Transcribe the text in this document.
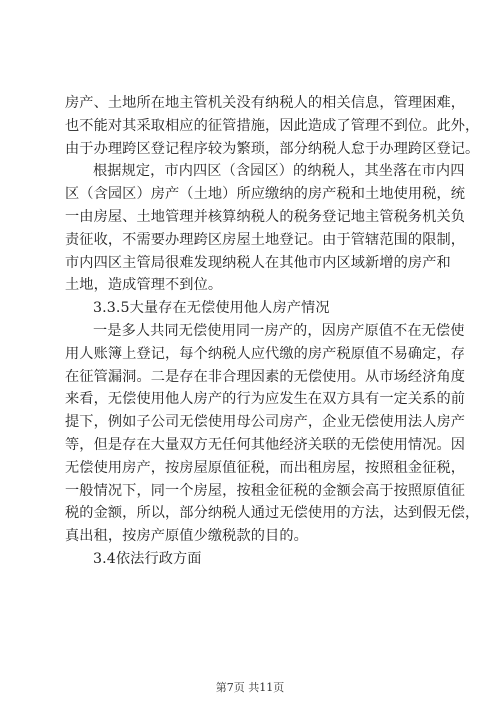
房产、土地所在地主管机关没有纳税人的相关信息，管理困难，
也不能对其采取相应的征管措施，因此造成了管理不到位。此外，
由于办理跨区登记程序较为繁琐，部分纳税人怠于办理跨区登记。
根据规定，市内四区（含园区）的纳税人，其坐落在市内四
区（含园区）房产（土地）所应缴纳的房产税和土地使用税，统
一由房屋、土地管理并核算纳税人的税务登记地主管税务机关负
责征收，不需要办理跨区房屋土地登记。由于管辖范围的限制，
市内四区主管局很难发现纳税人在其他市内区域新增的房产和
土地，造成管理不到位。
3.3.5大量存在无偿使用他人房产情况
一是多人共同无偿使用同一房产的，因房产原值不在无偿使
用人账簿上登记，每个纳税人应代缴的房产税原值不易确定，存
在征管漏洞。二是存在非合理因素的无偿使用。从市场经济角度
来看，无偿使用他人房产的行为应发生在双方具有一定关系的前
提下，例如子公司无偿使用母公司房产，企业无偿使用法人房产
等，但是存在大量双方无任何其他经济关联的无偿使用情况。因
无偿使用房产，按房屋原值征税，而出租房屋，按照租金征税，
一般情况下，同一个房屋，按租金征税的金额会高于按照原值征
税的金额，所以，部分纳税人通过无偿使用的方法，达到假无偿，
真出租，按房产原值少缴税款的目的。
3.4依法行政方面
第7页 共11页
